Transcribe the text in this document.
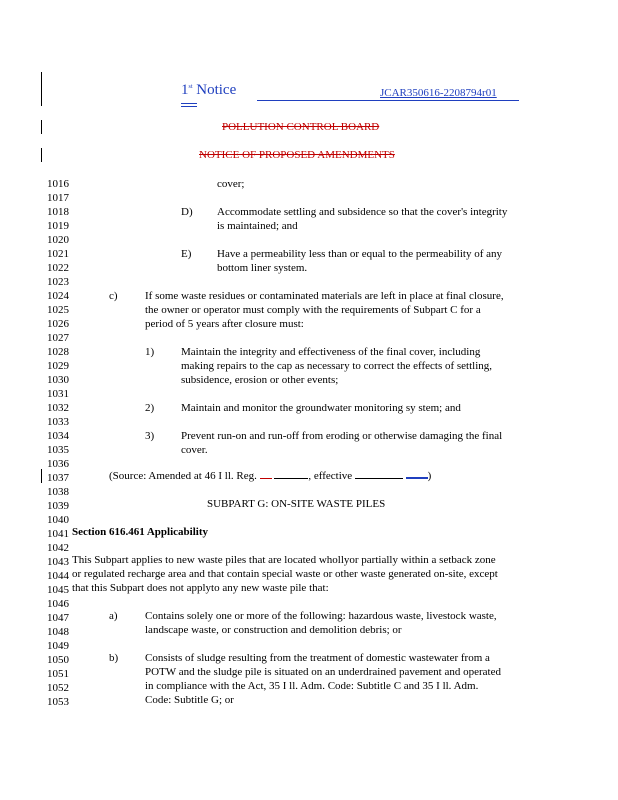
1st Notice	JCAR350616-2208794r01
POLLUTION CONTROL BOARD
NOTICE OF PROPOSED AMENDMENTS
1016
1017
1018
1019
1020
1021
1022
1023
1024
1025
1026
1027
1028
1029
1030
1031
1032
1033
1034
1035
1036
1037
1038
1039
1040
1041
1042
1043
1044
1045
1046
1047
1048
1049
1050
1051
1052
1053
cover;
D) Accommodate settling and subsidence so that the cover's integrity
is maintained; and
E) Have a permeability less than or equal to the permeability of any
bottom liner system.
c) If some waste residues or contaminated materials are left in place at final closure,
the owner or operator must comply with the requirements of Subpart C for a
period of 5 years after closure must:
1) Maintain the integrity and effectiveness of the final cover, including
making repairs to the cap as necessary to correct the effects of settling,
subsidence, erosion or other events;
2) Maintain and monitor the groundwater monitoring sy stem; and
3) Prevent run-on and run-off from eroding or otherwise damaging the final
cover.
(Source: Amended at 46 I ll. Reg.	, effective	)
SUBPART G: ON-SITE WASTE PILES
Section 616.461 Applicability
This Subpart applies to new waste piles that are located whollyor partially within a setback zone
or regulated recharge area and that contain special waste or other waste generated on-site, except
that this Subpart does not applyto any new waste pile that:
a) Contains solely one or more of the following: hazardous waste, livestock waste,
landscape waste, or construction and demolition debris; or
b) Consists of sludge resulting from the treatment of domestic wastewater from a
POTW and the sludge pile is situated on an underdrained pavement and operated
in compliance with the Act, 35 I ll. Adm. Code: Subtitle C and 35 I ll. Adm.
Code: Subtitle G; or
